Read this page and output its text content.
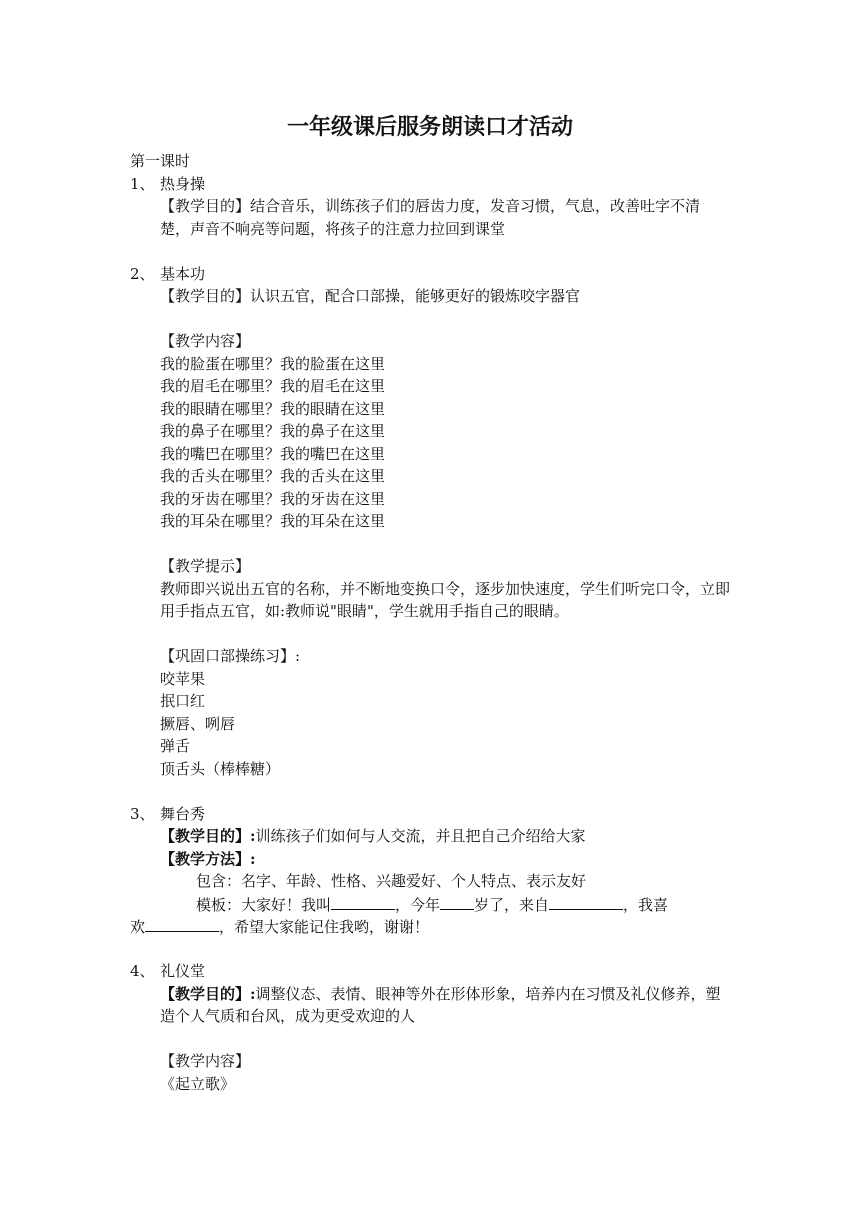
一年级课后服务朗读口才活动
第一课时
1、 热身操
【教学目的】结合音乐，训练孩子们的唇齿力度，发音习惯，气息，改善吐字不清楚，声音不响亮等问题，将孩子的注意力拉回到课堂
2、 基本功
【教学目的】认识五官，配合口部操，能够更好的锻炼咬字器官
【教学内容】
我的脸蛋在哪里？我的脸蛋在这里
我的眉毛在哪里？我的眉毛在这里
我的眼睛在哪里？我的眼睛在这里
我的鼻子在哪里？我的鼻子在这里
我的嘴巴在哪里？我的嘴巴在这里
我的舌头在哪里？我的舌头在这里
我的牙齿在哪里？我的牙齿在这里
我的耳朵在哪里？我的耳朵在这里
【教学提示】
教师即兴说出五官的名称，并不断地变换口令，逐步加快速度，学生们听完口令，立即用手指点五官，如:教师说"眼睛"，学生就用手指自己的眼睛。
【巩固口部操练习】:
咬苹果
抿口红
撅唇、咧唇
弹舌
顶舌头（棒棒糖）
3、 舞台秀
【教学目的】:训练孩子们如何与人交流，并且把自己介绍给大家
【教学方法】:
包含：名字、年龄、性格、兴趣爱好、个人特点、表示友好
模板：大家好！我叫	，今年 岁了，来自	，我喜
欢	，希望大家能记住我哟，谢谢！
4、 礼仪堂
【教学目的】:调整仪态、表情、眼神等外在形体形象，培养内在习惯及礼仪修养，塑造个人气质和台风，成为更受欢迎的人
【教学内容】
《起立歌》
